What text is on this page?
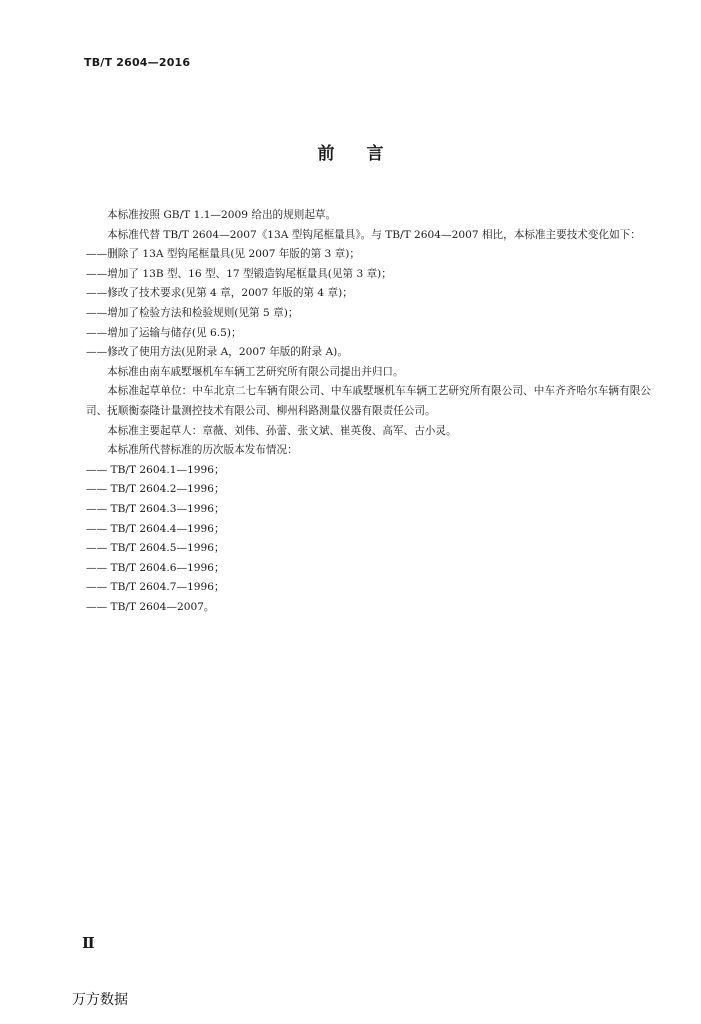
TB/T 2604—2016
前言

本标准按照 GB/T 1.1—2009 给出的规则起草。

本标准代替 TB/T 2604—2007《13A 型钩尾框量具》。与 TB/T 2604—2007 相比，本标准主要技术变化如下：

——删除了 13A 型钩尾框量具(见 2007 年版的第 3 章)；

——增加了 13B 型、16 型、17 型锻造钩尾框量具(见第 3 章)；

——修改了技术要求(见第 4 章，2007 年版的第 4 章)；

——增加了检验方法和检验规则(见第 5 章)；

——增加了运输与储存(见 6.5)；

——修改了使用方法(见附录 A，2007 年版的附录 A)。

本标准由南车戚墅堰机车车辆工艺研究所有限公司提出并归口。

本标准起草单位：中车北京二七车辆有限公司、中车戚墅堰机车车辆工艺研究所有限公司、中车齐齐哈尔车辆有限公司、抚顺衡泰隆计量测控技术有限公司、柳州科路测量仪器有限责任公司。

本标准主要起草人：章薇、刘伟、孙蕾、张文斌、崔英俊、高军、古小灵。

本标准所代替标准的历次版本发布情况：

—— TB/T 2604.1—1996；

—— TB/T 2604.2—1996；

—— TB/T 2604.3—1996；

—— TB/T 2604.4—1996；

—— TB/T 2604.5—1996；

—— TB/T 2604.6—1996；

—— TB/T 2604.7—1996；

—— TB/T 2604—2007。

Ⅱ
万方数据
